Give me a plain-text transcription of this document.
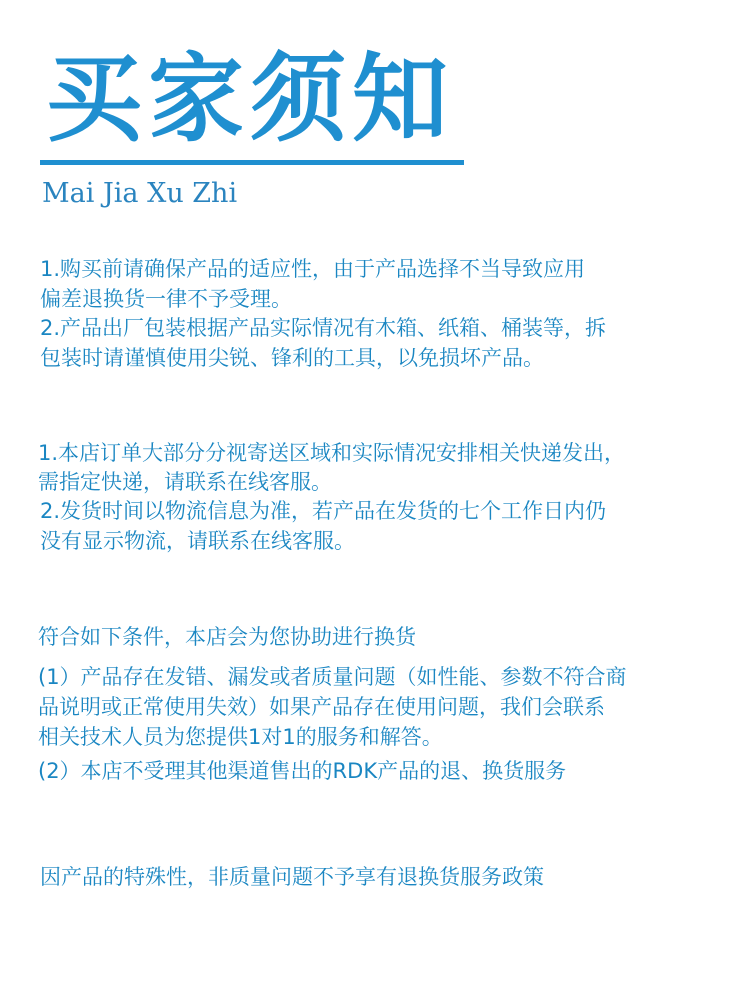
买家须知
Mai Jia Xu Zhi

1.购买前请确保产品的适应性，由于产品选择不当导致应用

偏差退换货一律不予受理。

2.产品出厂包装根据产品实际情况有木箱、纸箱、桶装等，拆

包装时请谨慎使用尖锐、锋利的工具，以免损坏产品。

1.本店订单大部分分视寄送区域和实际情况安排相关快递发出，

需指定快递，请联系在线客服。

2.发货时间以物流信息为准，若产品在发货的七个工作日内仍

没有显示物流，请联系在线客服。

符合如下条件，本店会为您协助进行换货

(1）产品存在发错、漏发或者质量问题（如性能、参数不符合商

品说明或正常使用失效）如果产品存在使用问题，我们会联系

相关技术人员为您提供1对1的服务和解答。

(2）本店不受理其他渠道售出的RDK产品的退、换货服务

因产品的特殊性，非质量问题不予享有退换货服务政策
